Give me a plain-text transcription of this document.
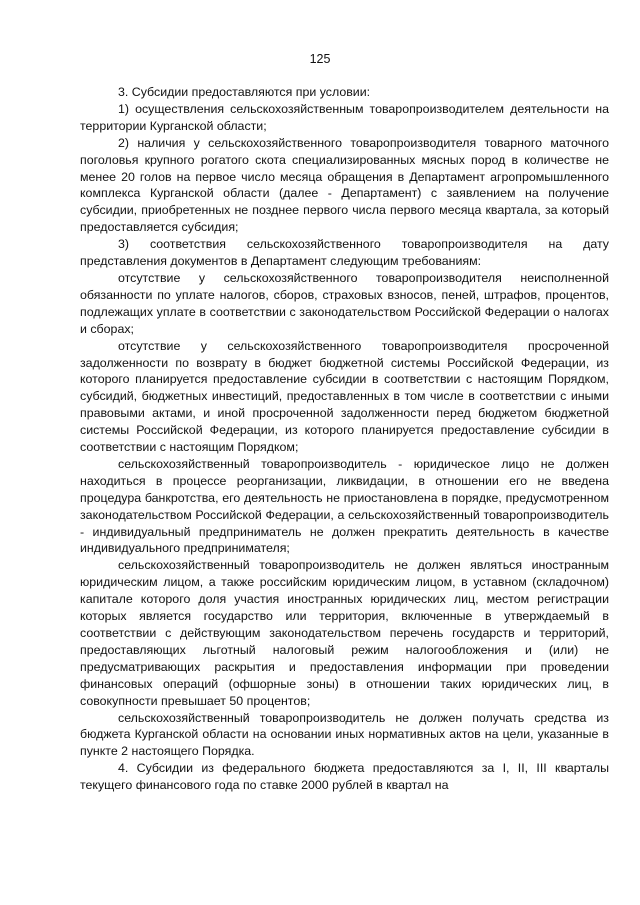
125

3. Субсидии предоставляются при условии:

1) осуществления сельскохозяйственным товаропроизводителем деятельности на территории Курганской области;

2) наличия у сельскохозяйственного товаропроизводителя товарного маточного поголовья крупного рогатого скота специализированных мясных пород в количестве не менее 20 голов на первое число месяца обращения в Департамент агропромышленного комплекса Курганской области (далее - Департамент) с заявлением на получение субсидии, приобретенных не позднее первого числа первого месяца квартала, за который предоставляется субсидия;

3) соответствия сельскохозяйственного товаропроизводителя на дату представления документов в Департамент следующим требованиям:

отсутствие у сельскохозяйственного товаропроизводителя неисполненной обязанности по уплате налогов, сборов, страховых взносов, пеней, штрафов, процентов, подлежащих уплате в соответствии с законодательством Российской Федерации о налогах и сборах;

отсутствие у сельскохозяйственного товаропроизводителя просроченной задолженности по возврату в бюджет бюджетной системы Российской Федерации, из которого планируется предоставление субсидии в соответствии с настоящим Порядком, субсидий, бюджетных инвестиций, предоставленных в том числе в соответствии с иными правовыми актами, и иной просроченной задолженности перед бюджетом бюджетной системы Российской Федерации, из которого планируется предоставление субсидии в соответствии с настоящим Порядком;

сельскохозяйственный товаропроизводитель - юридическое лицо не должен находиться в процессе реорганизации, ликвидации, в отношении его не введена процедура банкротства, его деятельность не приостановлена в порядке, предусмотренном законодательством Российской Федерации, а сельскохозяйственный товаропроизводитель - индивидуальный предприниматель не должен прекратить деятельность в качестве индивидуального предпринимателя;

сельскохозяйственный товаропроизводитель не должен являться иностранным юридическим лицом, а также российским юридическим лицом, в уставном (складочном) капитале которого доля участия иностранных юридических лиц, местом регистрации которых является государство или территория, включенные в утверждаемый в соответствии с действующим законодательством перечень государств и территорий, предоставляющих льготный налоговый режим налогообложения и (или) не предусматривающих раскрытия и предоставления информации при проведении финансовых операций (офшорные зоны) в отношении таких юридических лиц, в совокупности превышает 50 процентов;

сельскохозяйственный товаропроизводитель не должен получать средства из бюджета Курганской области на основании иных нормативных актов на цели, указанные в пункте 2 настоящего Порядка.

4. Субсидии из федерального бюджета предоставляются за I, II, III кварталы текущего финансового года по ставке 2000 рублей в квартал на
